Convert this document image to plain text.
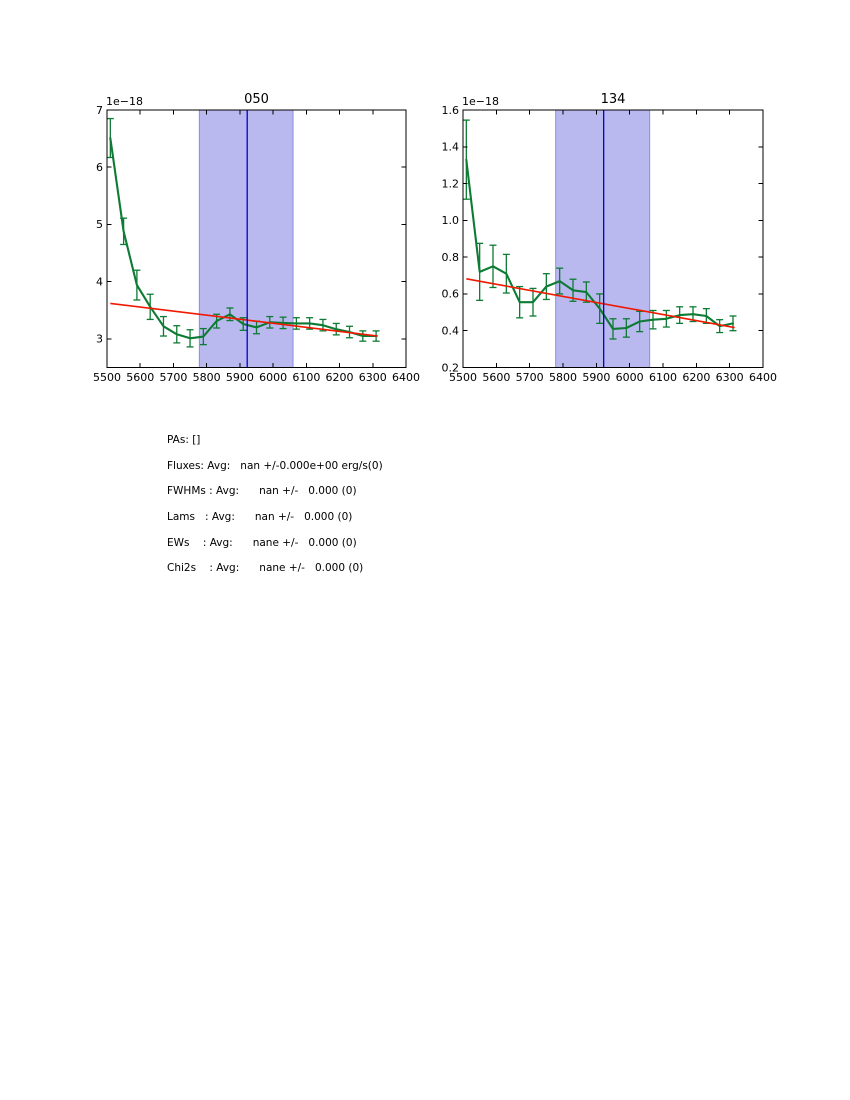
5500 5600 5700 5800 5900 6000 6100 6200 6300 6400
3
4
5
6
7
050
1e−18
5500 5600 5700 5800 5900 6000 6100 6200 6300 6400
0.2
0.4
0.6
0.8
1.0
1.2
1.4
1.6
134
1e−18
PAs: []
Fluxes: Avg:   nan +/-0.000e+00 erg/s(0)
FWHMs : Avg:      nan +/-   0.000 (0)
Lams   : Avg:      nan +/-   0.000 (0)
EWs    : Avg:      nane +/-   0.000 (0)
Chi2s    : Avg:      nane +/-   0.000 (0)
